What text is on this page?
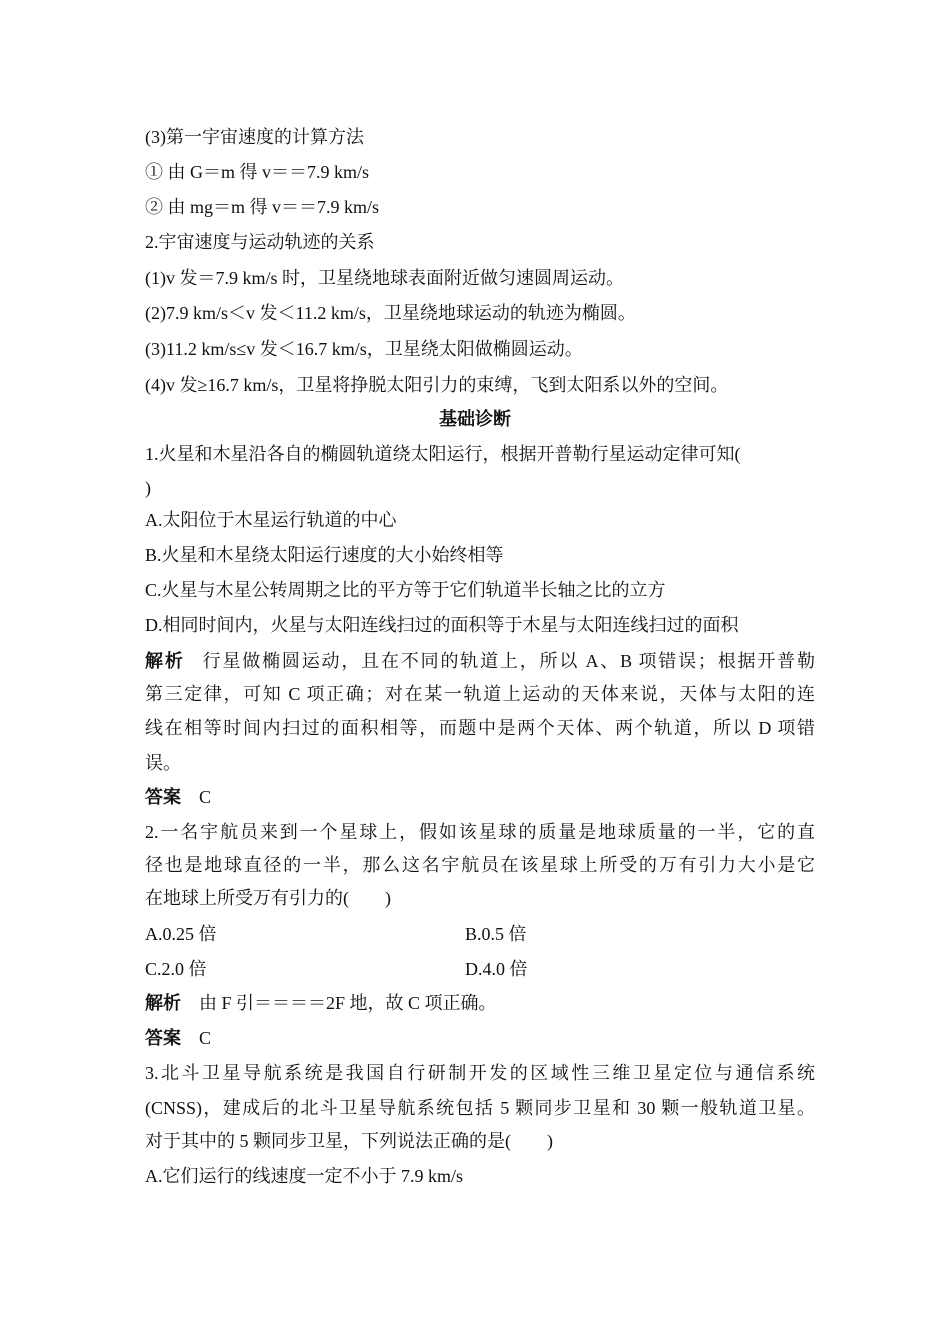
(3)第一宇宙速度的计算方法
① 由 G＝m 得 v＝＝7.9 km/s
② 由 mg＝m 得 v＝＝7.9 km/s
2.宇宙速度与运动轨迹的关系
(1)v 发＝7.9 km/s 时，卫星绕地球表面附近做匀速圆周运动。
(2)7.9 km/s＜v 发＜11.2 km/s，卫星绕地球运动的轨迹为椭圆。
(3)11.2 km/s≤v 发＜16.7 km/s，卫星绕太阳做椭圆运动。
(4)v 发≥16.7 km/s，卫星将挣脱太阳引力的束缚，飞到太阳系以外的空间。
基础诊断
1.火星和木星沿各自的椭圆轨道绕太阳运行，根据开普勒行星运动定律可知(
)
A.太阳位于木星运行轨道的中心
B.火星和木星绕太阳运行速度的大小始终相等
C.火星与木星公转周期之比的平方等于它们轨道半长轴之比的立方
D.相同时间内，火星与太阳连线扫过的面积等于木星与太阳连线扫过的面积
解析 行星做椭圆运动，且在不同的轨道上，所以 A、B 项错误；根据开普勒
第三定律，可知 C 项正确；对在某一轨道上运动的天体来说，天体与太阳的连
线在相等时间内扫过的面积相等，而题中是两个天体、两个轨道，所以 D 项错
误。
答案 C
2.一名宇航员来到一个星球上，假如该星球的质量是地球质量的一半，它的直
径也是地球直径的一半，那么这名宇航员在该星球上所受的万有引力大小是它
在地球上所受万有引力的(　　)
A.0.25 倍	B.0.5 倍
C.2.0 倍	D.4.0 倍
解析 由 F 引＝＝＝＝2F 地，故 C 项正确。
答案 C
3.北斗卫星导航系统是我国自行研制开发的区域性三维卫星定位与通信系统
(CNSS)，建成后的北斗卫星导航系统包括 5 颗同步卫星和 30 颗一般轨道卫星。
对于其中的 5 颗同步卫星，下列说法正确的是(　　)
A.它们运行的线速度一定不小于 7.9 km/s
